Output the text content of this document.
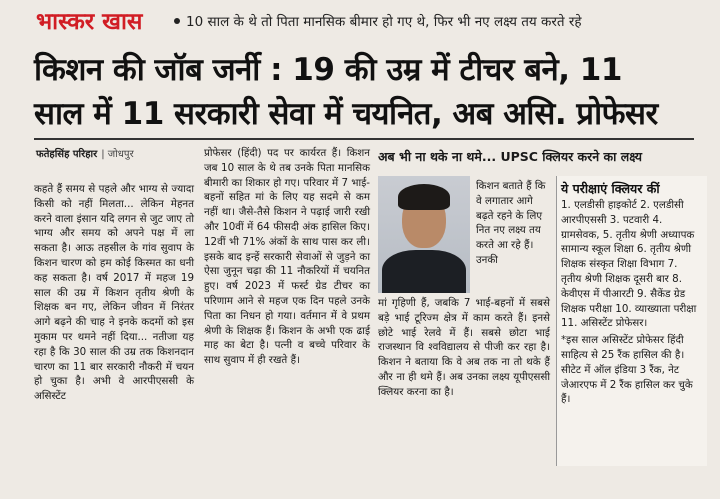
भास्कर खास	10 साल के थे तो पिता मानसिक बीमार हो गए थे, फिर भी नए लक्ष्य तय करते रहे
किशन की जॉब जर्नी : 19 की उम्र में टीचर बने, 11
साल में 11 सरकारी सेवा में चयनित, अब असि. प्रोफेसर
फतेहसिंह परिहार | जोधपुर	अब भी ना थके ना थमे... UPSC क्लियर करने का लक्ष्य

कहते हैं समय से पहले और भाग्य से ज्यादा किसी को नहीं मिलता... लेकिन मेहनत करने वाला इंसान यदि लगन से जुट जाए तो भाग्य और समय को अपने पक्ष में ला सकता है। आऊ तहसील के गांव सुवाप के किशन चारण को हम कोई किस्मत का धनी कह सकता है। वर्ष 2017 में महज 19 साल की उम्र में किशन तृतीय श्रेणी के शिक्षक बन गए, लेकिन जीवन में निरंतर आगे बढ़ने की चाह ने इनके कदमों को इस मुकाम पर थमने नहीं दिया... नतीजा यह रहा है कि 30 साल की उम्र तक किशनदान चारण का 11 बार सरकारी नौकरी में चयन हो चुका है। अभी वे आरपीएससी के असिस्टेंट

प्रोफेसर (हिंदी) पद पर कार्यरत हैं। किशन जब 10 साल के थे तब उनके पिता मानसिक बीमारी का शिकार हो गए। परिवार में 7 भाई-बहनों सहित मां के लिए यह सदमे से कम नहीं था। जैसे-तैसे किशन ने पढ़ाई जारी रखी और 10वीं में 64 फीसदी अंक हासिल किए। 12वीं भी 71% अंकों के साथ पास कर ली। इसके बाद इन्हें सरकारी सेवाओं से जुड़ने का ऐसा जुनून चढ़ा की 11 नौकरियों में चयनित हुए। वर्ष 2023 में फर्स्ट ग्रेड टीचर का परिणाम आने से महज एक दिन पहले उनके पिता का निधन हो गया। वर्तमान में वे प्रथम श्रेणी के शिक्षक हैं। किशन के अभी एक ढाई माह का बेटा है। पत्नी व बच्चे परिवार के साथ सुवाप में ही रखते हैं।

किशन बताते हैं कि वे लगातार आगे बढ़ते रहने के लिए नित नए लक्ष्य तय करते आ रहे हैं। उनकी

मां गृहिणी हैं, जबकि 7 भाई-बहनों में सबसे बड़े भाई टूरिज्म क्षेत्र में काम करते हैं। इनसे छोटे भाई रेलवे में हैं। सबसे छोटा भाई राजस्थान वि श्वविद्यालय से पीजी कर रहा है। किशन ने बताया कि वे अब तक ना तो थके हैं और ना ही थमे हैं। अब उनका लक्ष्य यूपीएससी क्लियर करना का है।

ये परीक्षाएं क्लियर कीं

1. एलडीसी हाइकोर्ट 2. एलडीसी आरपीएससी 3. पटवारी 4. ग्रामसेवक, 5. तृतीय श्रेणी अध्यापक सामान्य स्कूल शिक्षा 6. तृतीय श्रेणी शिक्षक संस्कृत शिक्षा विभाग 7. तृतीय श्रेणी शिक्षक दूसरी बार 8. केवीएस में पीआरटी 9. सैकेंड ग्रेड शिक्षक परीक्षा 10. व्याख्याता परीक्षा 11. असिस्टेंट प्रोफेसर।

*इस साल असिस्टेंट प्रोफेसर हिंदी साहित्य से 25 रैंक हासिल की है। सीटेट में ऑल इंडिया 3 रैंक, नेट जेआरएफ में 2 रैंक हासिल कर चुके हैं।
